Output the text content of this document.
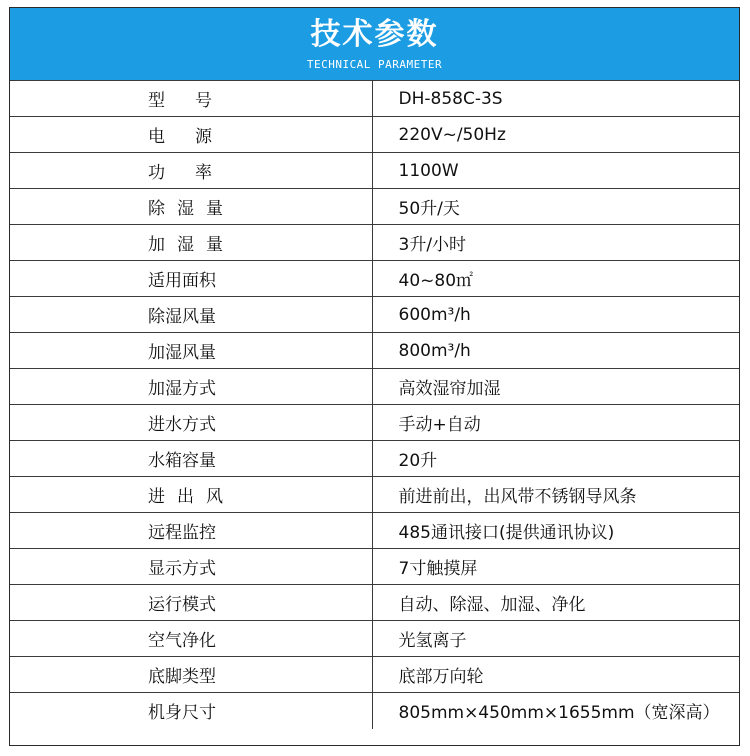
技术参数
TECHNICAL PARAMETER
型号	DH-858C-3S
电源	220V~/50Hz
功率	1100W
除湿量	50升/天
加湿量	3升/小时
适用面积	40~80㎡
除湿风量	600m³/h
加湿风量	800m³/h
加湿方式	高效湿帘加湿
进水方式	手动+自动
水箱容量	20升
进出风	前进前出，出风带不锈钢导风条
远程监控	485通讯接口(提供通讯协议)
显示方式	7寸触摸屏
运行模式	自动、除湿、加湿、净化
空气净化	光氢离子
底脚类型	底部万向轮
机身尺寸	805mm×450mm×1655mm（宽深高）
